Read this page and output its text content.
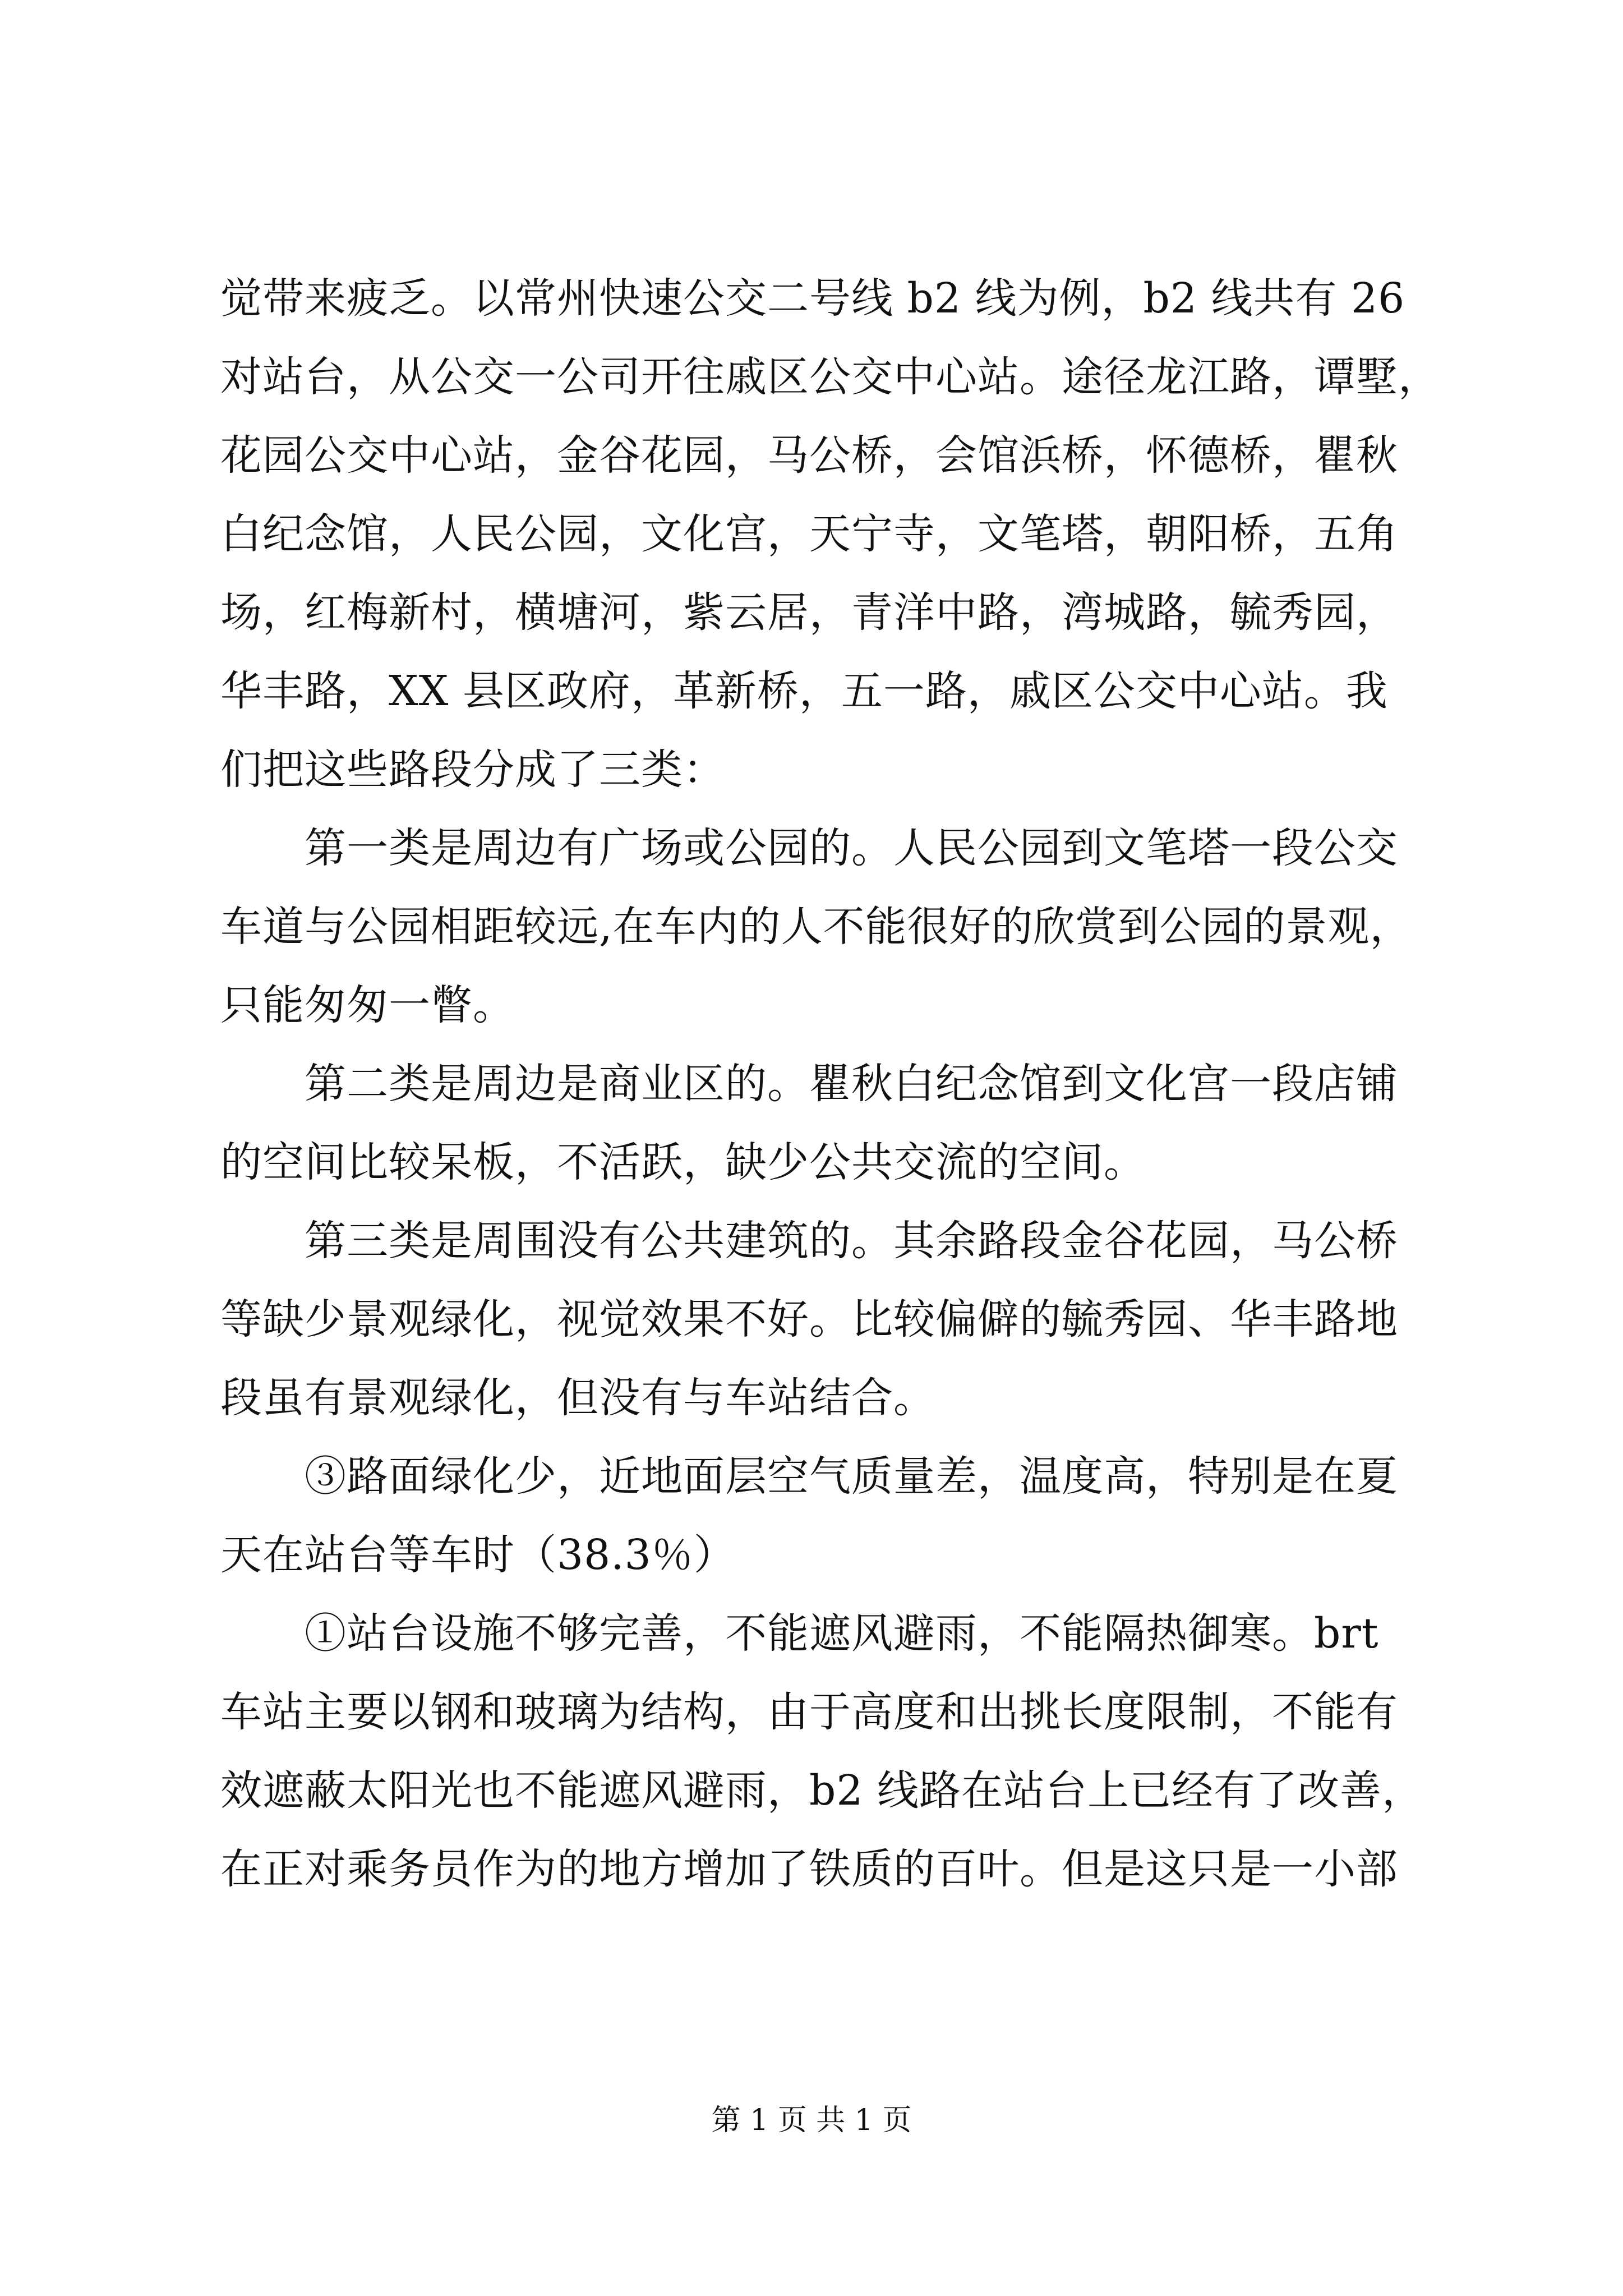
觉带来疲乏。以常州快速公交二号线 b2 线为例，b2 线共有 26
对站台，从公交一公司开往戚区公交中心站。途径龙江路，谭墅，
花园公交中心站，金谷花园，马公桥，会馆浜桥，怀德桥，瞿秋
白纪念馆，人民公园，文化宫，天宁寺，文笔塔，朝阳桥，五角
场，红梅新村，横塘河，紫云居，青洋中路，湾城路，毓秀园，
华丰路，XX 县区政府，革新桥，五一路，戚区公交中心站。我
们把这些路段分成了三类：
　　第一类是周边有广场或公园的。人民公园到文笔塔一段公交
车道与公园相距较远,在车内的人不能很好的欣赏到公园的景观，
只能匆匆一瞥。
　　第二类是周边是商业区的。瞿秋白纪念馆到文化宫一段店铺
的空间比较呆板，不活跃，缺少公共交流的空间。
　　第三类是周围没有公共建筑的。其余路段金谷花园，马公桥
等缺少景观绿化，视觉效果不好。比较偏僻的毓秀园、华丰路地
段虽有景观绿化，但没有与车站结合。
　　③路面绿化少，近地面层空气质量差，温度高，特别是在夏
天在站台等车时（38.3％）
　　①站台设施不够完善，不能遮风避雨，不能隔热御寒。brt
车站主要以钢和玻璃为结构，由于高度和出挑长度限制，不能有
效遮蔽太阳光也不能遮风避雨，b2 线路在站台上已经有了改善，
在正对乘务员作为的地方增加了铁质的百叶。但是这只是一小部
第 1 页 共 1 页
